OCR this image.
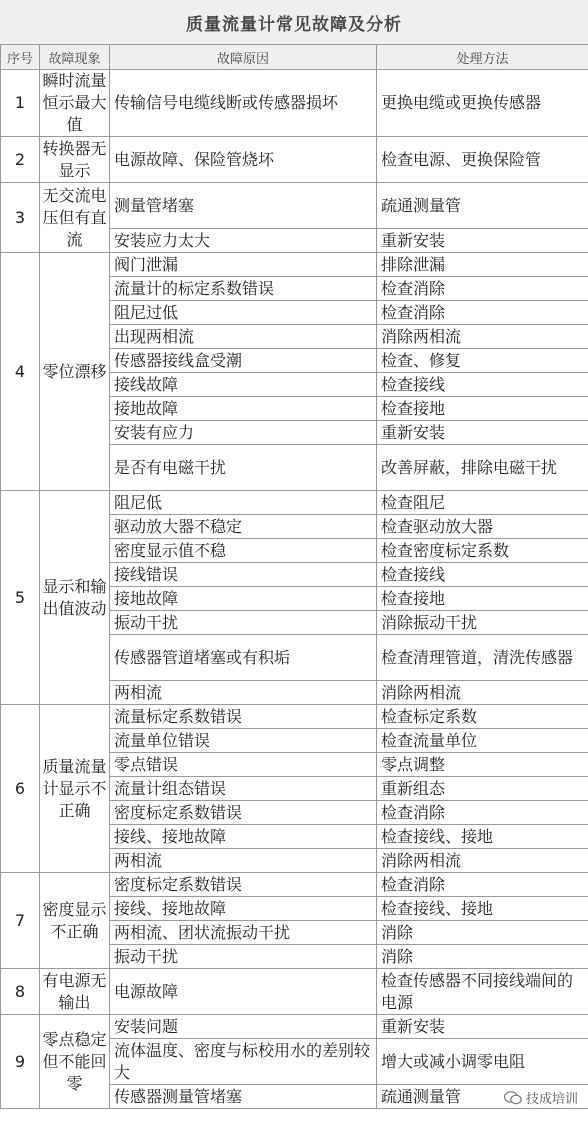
质量流量计常见故障及分析
序号	故障现象	故障原因	处理方法
1	瞬时流量恒示最大值	传输信号电缆线断或传感器损坏	更换电缆或更换传感器
2	转换器无显示	电源故障、保险管烧坏	检查电源、更换保险管
3	无交流电压但有直流	测量管堵塞	疏通测量管
		安装应力太大	重新安装
4	零位漂移	阀门泄漏	排除泄漏
		流量计的标定系数错误	检查消除
		阻尼过低	检查消除
		出现两相流	消除两相流
		传感器接线盒受潮	检查、修复
		接线故障	检查接线
		接地故障	检查接地
		安装有应力	重新安装
		是否有电磁干扰	改善屏蔽，排除电磁干扰
5	显示和输出值波动	阻尼低	检查阻尼
		驱动放大器不稳定	检查驱动放大器
		密度显示值不稳	检查密度标定系数
		接线错误	检查接线
		接地故障	检查接地
		振动干扰	消除振动干扰
		传感器管道堵塞或有积垢	检查清理管道，清洗传感器
		两相流	消除两相流
6	质量流量计显示不正确	流量标定系数错误	检查标定系数
		流量单位错误	检查流量单位
		零点错误	零点调整
		流量计组态错误	重新组态
		密度标定系数错误	检查消除
		接线、接地故障	检查接线、接地
		两相流	消除两相流
7	密度显示不正确	密度标定系数错误	检查消除
		接线、接地故障	检查接线、接地
		两相流、团状流振动干扰	消除
		振动干扰	消除
8	有电源无输出	电源故障	检查传感器不同接线端间的电源
9	零点稳定但不能回零	安装问题	重新安装
		流体温度、密度与标校用水的差别较大	增大或减小调零电阻
		传感器测量管堵塞	疏通测量管	技成培训
